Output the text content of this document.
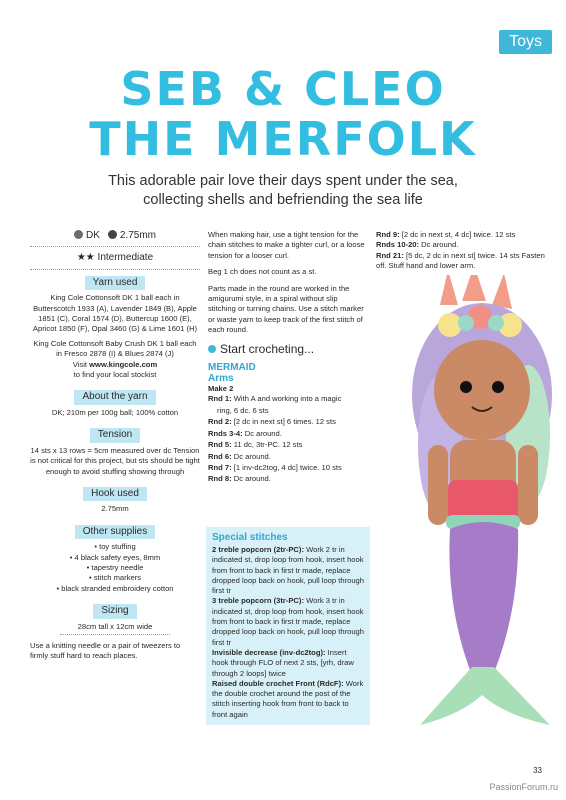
Toys
SEB & CLEO
THE MERFOLK
This adorable pair love their days spent under the sea,
collecting shells and befriending the sea life
DK	2.75mm
★★ Intermediate
Yarn used

King Cole Cottonsoft DK 1 ball each in Butterscotch 1933 (A), Lavender 1849 (B), Apple 1851 (C), Coral 1574 (D), Buttercup 1600 (E), Apricot 1850 (F), Opal 3460 (G) & Lime 1601 (H)

King Cole Cottonsoft Baby Crush DK 1 ball each in Fresco 2878 (I) & Blues 2874 (J)

Visit www.kingcole.com

to find your local stockist

About the yarn

DK; 210m per 100g ball; 100% cotton

Tension

14 sts x 13 rows = 5cm measured over dc Tension is not critical for this project, but sts should be tight enough to avoid stuffing showing through

Hook used

2.75mm

Other supplies
• toy stuffing
• 4 black safety eyes, 8mm
• tapestry needle
• stitch markers
• black stranded embroidery cotton
Sizing

28cm tall x 12cm wide

Use a knitting needle or a pair of tweezers to firmly stuff hard to reach places.

When making hair, use a tight tension for the chain stitches to make a tighter curl, or a loose tension for a looser curl.

Beg 1 ch does not count as a st.

Parts made in the round are worked in the amigurumi style, in a spiral without slip stitching or turning chains. Use a stitch marker or waste yarn to keep track of the first stitch of each round.

Start crocheting...
MERMAID
Arms
Make 2
Rnd 1: With A and working into a magic
ring, 6 dc. 6 sts
Rnd 2: [2 dc in next st] 6 times. 12 sts
Rnds 3-4: Dc around.
Rnd 5: 11 dc, 3tr-PC. 12 sts
Rnd 6: Dc around.
Rnd 7: [1 inv-dc2tog, 4 dc] twice. 10 sts
Rnd 8: Dc around.
Special stitches
2 treble popcorn (2tr-PC): Work 2 tr in indicated st, drop loop from hook, insert hook from front to back in first tr made, replace dropped loop back on hook, pull loop through first tr
3 treble popcorn (3tr-PC): Work 3 tr in indicated st, drop loop from hook, insert hook from front to back in first tr made, replace dropped loop back on hook, pull loop through first tr
Invisible decrease (inv-dc2tog): Insert hook through FLO of next 2 sts, [yrh, draw through 2 loops] twice
Raised double crochet Front (RdcF): Work the double crochet around the post of the stitch inserting hook from front to back to front again
Rnd 9: [2 dc in next st, 4 dc] twice. 12 sts
Rnds 10-20: Dc around.
Rnd 21: [5 dc, 2 dc in next st] twice. 14 sts Fasten off. Stuff hand and lower arm.
33
PassionForum.ru
